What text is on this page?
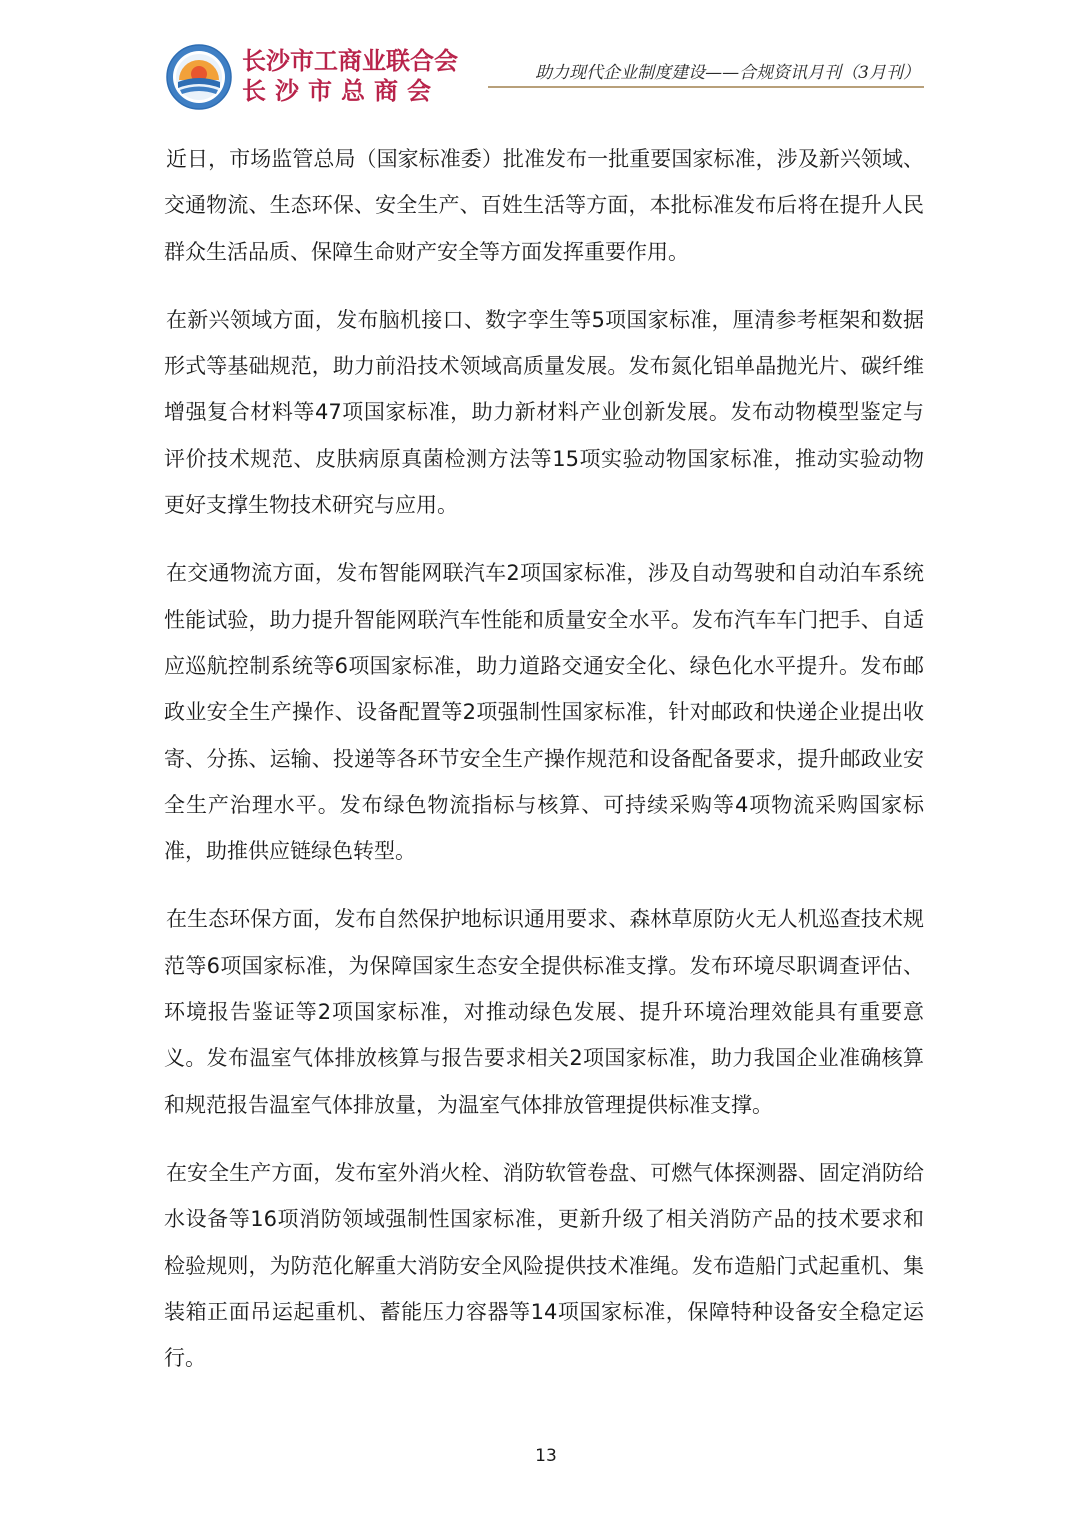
长沙市工商业联合会
长沙市总商会
助力现代企业制度建设——合规资讯月刊（3月刊）

近日，市场监管总局（国家标准委）批准发布一批重要国家标准，涉及新兴领域、交通物流、生态环保、安全生产、百姓生活等方面，本批标准发布后将在提升人民群众生活品质、保障生命财产安全等方面发挥重要作用。

在新兴领域方面，发布脑机接口、数字孪生等5项国家标准，厘清参考框架和数据形式等基础规范，助力前沿技术领域高质量发展。发布氮化铝单晶抛光片、碳纤维增强复合材料等47项国家标准，助力新材料产业创新发展。发布动物模型鉴定与评价技术规范、皮肤病原真菌检测方法等15项实验动物国家标准，推动实验动物更好支撑生物技术研究与应用。

在交通物流方面，发布智能网联汽车2项国家标准，涉及自动驾驶和自动泊车系统性能试验，助力提升智能网联汽车性能和质量安全水平。发布汽车车门把手、自适应巡航控制系统等6项国家标准，助力道路交通安全化、绿色化水平提升。发布邮政业安全生产操作、设备配置等2项强制性国家标准，针对邮政和快递企业提出收寄、分拣、运输、投递等各环节安全生产操作规范和设备配备要求，提升邮政业安全生产治理水平。发布绿色物流指标与核算、可持续采购等4项物流采购国家标准，助推供应链绿色转型。

在生态环保方面，发布自然保护地标识通用要求、森林草原防火无人机巡查技术规范等6项国家标准，为保障国家生态安全提供标准支撑。发布环境尽职调查评估、环境报告鉴证等2项国家标准，对推动绿色发展、提升环境治理效能具有重要意义。发布温室气体排放核算与报告要求相关2项国家标准，助力我国企业准确核算和规范报告温室气体排放量，为温室气体排放管理提供标准支撑。

在安全生产方面，发布室外消火栓、消防软管卷盘、可燃气体探测器、固定消防给水设备等16项消防领域强制性国家标准，更新升级了相关消防产品的技术要求和检验规则，为防范化解重大消防安全风险提供技术准绳。发布造船门式起重机、集装箱正面吊运起重机、蓄能压力容器等14项国家标准，保障特种设备安全稳定运行。

13
